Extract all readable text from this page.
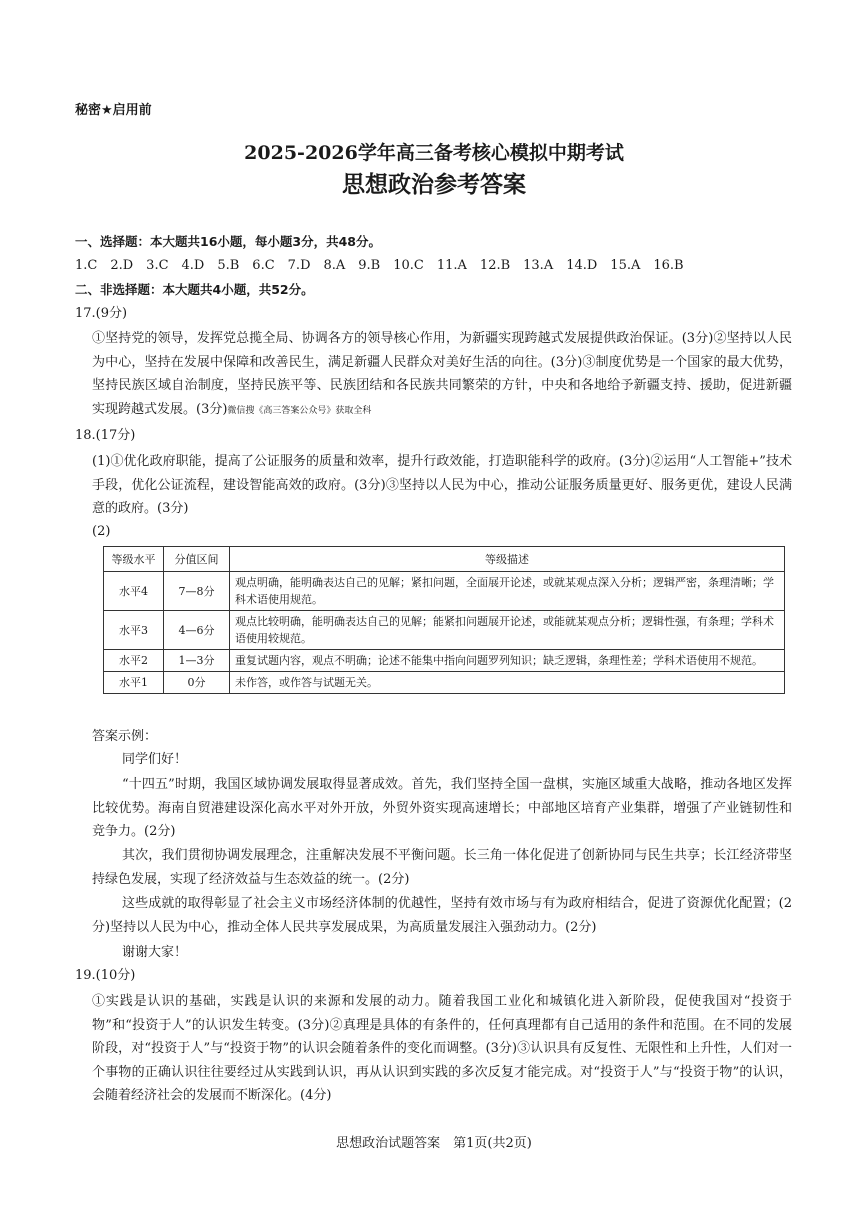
秘密★启用前
2025-2026学年高三备考核心模拟中期考试
思想政治参考答案
一、选择题：本大题共16小题，每小题3分，共48分。
1.C　2.D　3.C　4.D　5.B　6.C　7.D　8.A　9.B　10.C　11.A　12.B　13.A　14.D　15.A　16.B
二、非选择题：本大题共4小题，共52分。
17.(9分)
①坚持党的领导，发挥党总揽全局、协调各方的领导核心作用，为新疆实现跨越式发展提供政治保证。(3分)②坚持以人民为中心，坚持在发展中保障和改善民生，满足新疆人民群众对美好生活的向往。(3分)③制度优势是一个国家的最大优势，坚持民族区域自治制度，坚持民族平等、民族团结和各民族共同繁荣的方针，中央和各地给予新疆支持、援助，促进新疆实现跨越式发展。(3分)微信搜《高三答案公众号》获取全科
18.(17分)
(1)①优化政府职能，提高了公证服务的质量和效率，提升行政效能，打造职能科学的政府。(3分)②运用“人工智能+”技术手段，优化公证流程，建设智能高效的政府。(3分)③坚持以人民为中心，推动公证服务质量更好、服务更优，建设人民满意的政府。(3分)
(2)
等级水平	分值区间	等级描述
水平4	7—8分	观点明确，能明确表达自己的见解；紧扣问题，全面展开论述，或就某观点深入分析；逻辑严密，条理清晰；学科术语使用规范。
水平3	4—6分	观点比较明确，能明确表达自己的见解；能紧扣问题展开论述，或能就某观点分析；逻辑性强，有条理；学科术语使用较规范。
水平2	1—3分	重复试题内容，观点不明确；论述不能集中指向问题罗列知识；缺乏逻辑，条理性差；学科术语使用不规范。
水平1	0分	未作答，或作答与试题无关。
答案示例：
同学们好！
“十四五”时期，我国区域协调发展取得显著成效。首先，我们坚持全国一盘棋，实施区域重大战略，推动各地区发挥比较优势。海南自贸港建设深化高水平对外开放，外贸外资实现高速增长；中部地区培育产业集群，增强了产业链韧性和竞争力。(2分)
其次，我们贯彻协调发展理念，注重解决发展不平衡问题。长三角一体化促进了创新协同与民生共享；长江经济带坚持绿色发展，实现了经济效益与生态效益的统一。(2分)
这些成就的取得彰显了社会主义市场经济体制的优越性，坚持有效市场与有为政府相结合，促进了资源优化配置；(2分)坚持以人民为中心，推动全体人民共享发展成果，为高质量发展注入强劲动力。(2分)
谢谢大家！
19.(10分)
①实践是认识的基础，实践是认识的来源和发展的动力。随着我国工业化和城镇化进入新阶段，促使我国对“投资于物”和“投资于人”的认识发生转变。(3分)②真理是具体的有条件的，任何真理都有自己适用的条件和范围。在不同的发展阶段，对“投资于人”与“投资于物”的认识会随着条件的变化而调整。(3分)③认识具有反复性、无限性和上升性，人们对一个事物的正确认识往往要经过从实践到认识，再从认识到实践的多次反复才能完成。对“投资于人”与“投资于物”的认识，会随着经济社会的发展而不断深化。(4分)
思想政治试题答案　第1页(共2页)
